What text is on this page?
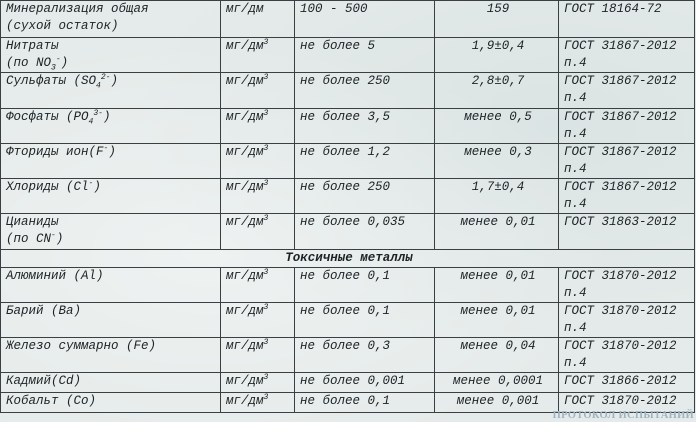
Минерализация общая
(сухой остаток)	мг/дм	100 - 500	159	ГОСТ 18164-72

Нитраты
(по $NO_3^-$)	$мг/дм^3$	не более 5	1,9±0,4	ГОСТ 31867-2012
п.4
Сульфаты $(SO_4^{2-})$	$мг/дм^3$	не более 250	2,8±0,7	ГОСТ 31867-2012
п.4
Фосфаты $(PO_4^{3-})$	$мг/дм^3$	не более 3,5	менее 0,5	ГОСТ 31867-2012
п.4
Фториды ион(F-)	$мг/дм^3$	не более 1,2	менее 0,3	ГОСТ 31867-2012
п.4
Хлориды (Cl-)	$мг/дм^3$	не более 250	1,7±0,4	ГОСТ 31867-2012
п.4
Цианиды
(по CN-)	$мг/дм^3$	не более 0,035	менее 0,01	ГОСТ 31863-2012

Токсичные металлы				
Алюминий (Al)	$мг/дм^3$	не более 0,1	менее 0,01	ГОСТ 31870-2012
п.4
Барий (Ba)	$мг/дм^3$	не более 0,1	менее 0,01	ГОСТ 31870-2012
п.4
Железо суммарно (Fe)	$мг/дм^3$	не более 0,3	менее 0,04	ГОСТ 31870-2012
п.4
Кадмий(Cd)	$мг/дм^3$	не более 0,001	менее 0,0001	ГОСТ 31866-2012
Кобальт (Co)	$мг/дм^3$	не более 0,1	менее 0,001	ГОСТ 31870-2012
ПРОТОКОЛ ИСПЫТАНИЙ
